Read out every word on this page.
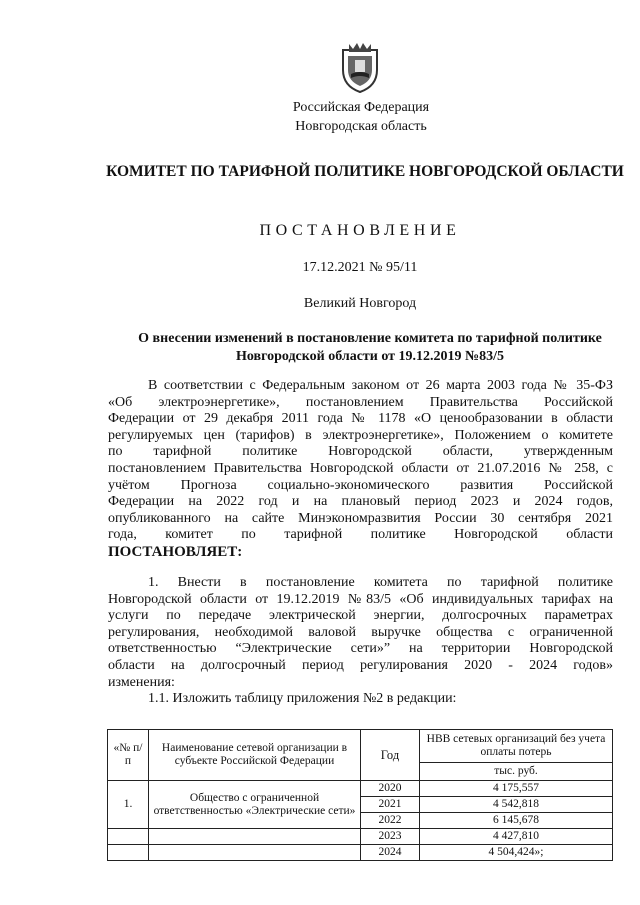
Российская Федерация
Новгородская область
КОМИТЕТ ПО ТАРИФНОЙ ПОЛИТИКЕ НОВГОРОДСКОЙ ОБЛАСТИ
ПОСТАНОВЛЕНИЕ
17.12.2021 № 95/11
Великий Новгород
О внесении изменений в постановление комитета по тарифной политике
Новгородской области от 19.12.2019 №83/5
В соответствии с Федеральным законом от 26 марта 2003 года № 35-ФЗ
«Об электроэнергетике», постановлением Правительства Российской
Федерации от 29 декабря 2011 года № 1178 «О ценообразовании в области
регулируемых цен (тарифов) в электроэнергетике», Положением о комитете
по тарифной политике Новгородской области, утвержденным
постановлением Правительства Новгородской области от 21.07.2016 № 258, с
учётом Прогноза социально-экономического развития Российской
Федерации на 2022 год и на плановый период 2023 и 2024 годов,
опубликованного на сайте Минэкономразвития России 30 сентября 2021
года, комитет по тарифной политике Новгородской области
ПОСТАНОВЛЯЕТ:
1. Внести в постановление комитета по тарифной политике
Новгородской области от 19.12.2019 №83/5 «Об индивидуальных тарифах на
услуги по передаче электрической энергии, долгосрочных параметрах
регулирования, необходимой валовой выручке общества с ограниченной
ответственностью “Электрические сети»” на территории Новгородской
области на долгосрочный период регулирования 2020 - 2024 годов»
изменения:
1.1. Изложить таблицу приложения №2 в редакции:
«№ п/п	Наименование сетевой организации в субъекте Российской Федерации	Год	НВВ сетевых организаций без учета оплаты потерь
			тыс. руб.
1.	Общество с ограниченной ответственностью «Электрические сети»	2020	4 175,557
		2021	4 542,818
		2022	6 145,678
		2023	4 427,810
		2024	4 504,424»;
